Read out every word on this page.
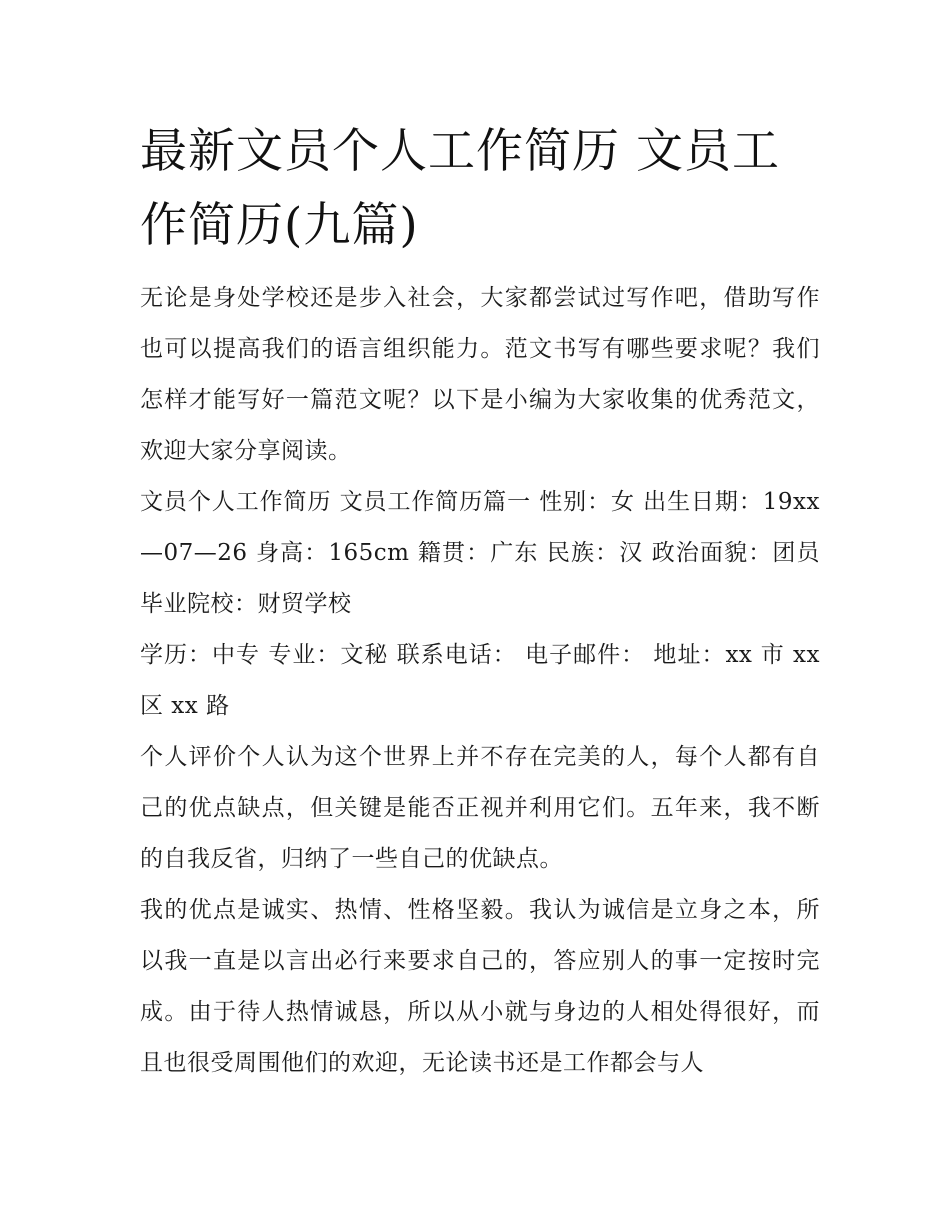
最新文员个人工作简历 文员工作简历(九篇)

无论是身处学校还是步入社会，大家都尝试过写作吧，借助写作也可以提高我们的语言组织能力。范文书写有哪些要求呢？我们怎样才能写好一篇范文呢？以下是小编为大家收集的优秀范文，欢迎大家分享阅读。

文员个人工作简历 文员工作简历篇一 性别：女 出生日期：19xx—07—26 身高：165cm 籍贯：广东 民族：汉 政治面貌：团员 毕业院校：财贸学校

学历：中专 专业：文秘 联系电话： 电子邮件： 地址：xx 市 xx 区 xx 路

个人评价个人认为这个世界上并不存在完美的人，每个人都有自己的优点缺点，但关键是能否正视并利用它们。五年来，我不断的自我反省，归纳了一些自己的优缺点。

我的优点是诚实、热情、性格坚毅。我认为诚信是立身之本，所以我一直是以言出必行来要求自己的，答应别人的事一定按时完成。由于待人热情诚恳，所以从小就与身边的人相处得很好，而且也很受周围他们的欢迎，无论读书还是工作都会与人
